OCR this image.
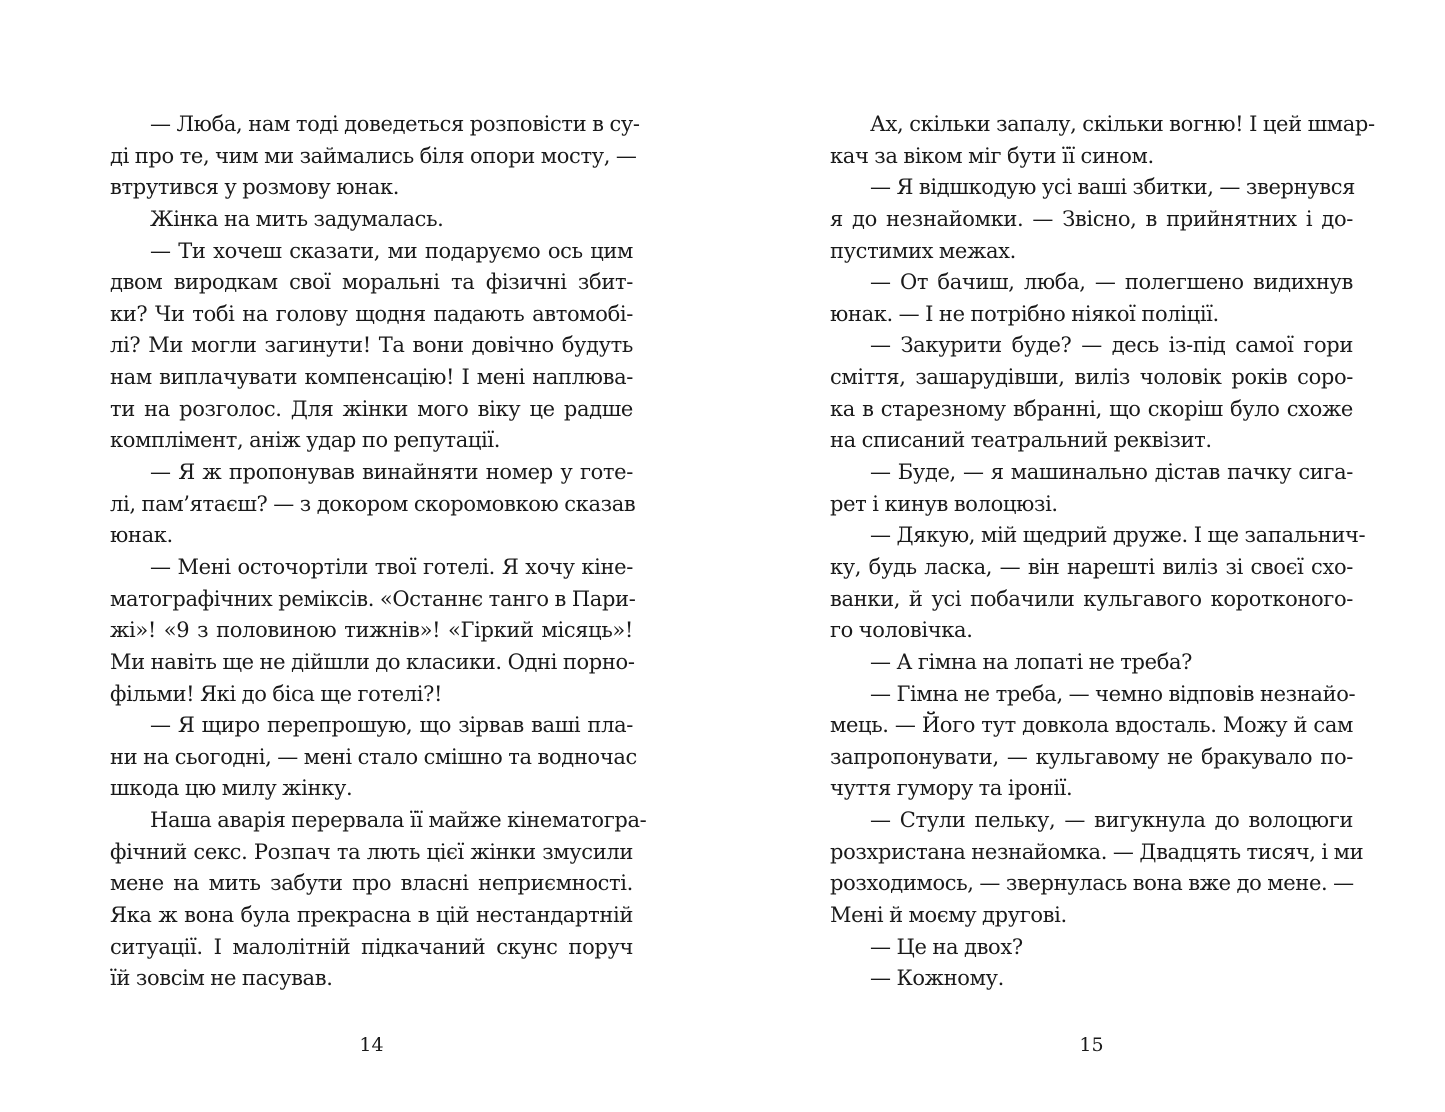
— Люба, нам тоді доведеться розповісти в су-
ді про те, чим ми займались біля опори мосту, —
втрутився у розмову юнак.
Жінка на мить задумалась.
— Ти хочеш сказати, ми подаруємо ось цим
двом виродкам свої моральні та фізичні збит-
ки? Чи тобі на голову щодня падають автомобі-
лі? Ми могли загинути! Та вони довічно будуть
нам виплачувати компенсацію! І мені наплюва-
ти на розголос. Для жінки мого віку це радше
комплімент, аніж удар по репутації.
— Я ж пропонував винайняти номер у готе-
лі, пам’ятаєш? — з докором скоромовкою сказав
юнак.
— Мені осточортіли твої готелі. Я хочу кіне-
матографічних реміксів. «Останнє танго в Пари-
жі»! «9 з половиною тижнів»! «Гіркий місяць»!
Ми навіть ще не дійшли до класики. Одні порно-
фільми! Які до біса ще готелі?!
— Я щиро перепрошую, що зірвав ваші пла-
ни на сьогодні, — мені стало смішно та водночас
шкода цю милу жінку.
Наша аварія перервала її майже кінематогра-
фічний секс. Розпач та лють цієї жінки змусили
мене на мить забути про власні неприємності.
Яка ж вона була прекрасна в цій нестандартній
ситуації. І малолітній підкачаний скунс поруч
їй зовсім не пасував.
14
Ах, скільки запалу, скільки вогню! І цей шмар-
кач за віком міг бути її сином.
— Я відшкодую усі ваші збитки, — звернувся
я до незнайомки. — Звісно, в прийнятних і до-
пустимих межах.
— От бачиш, люба, — полегшено видихнув
юнак. — І не потрібно ніякої поліції.
— Закурити буде? — десь із-під самої гори
сміття, зашарудівши, виліз чоловік років соро-
ка в старезному вбранні, що скоріш було схоже
на списаний театральний реквізит.
— Буде, — я машинально дістав пачку сига-
рет і кинув волоцюзі.
— Дякую, мій щедрий друже. І ще запальнич-
ку, будь ласка, — він нарешті виліз зі своєї схо-
ванки, й усі побачили кульгавого коротконого-
го чоловічка.
— А гімна на лопаті не треба?
— Гімна не треба, — чемно відповів незнайо-
мець. — Його тут довкола вдосталь. Можу й сам
запропонувати, — кульгавому не бракувало по-
чуття гумору та іронії.
— Стули пельку, — вигукнула до волоцюги
розхристана незнайомка. — Двадцять тисяч, і ми
розходимось, — звернулась вона вже до мене. —
Мені й моєму другові.
— Це на двох?
— Кожному.
15
